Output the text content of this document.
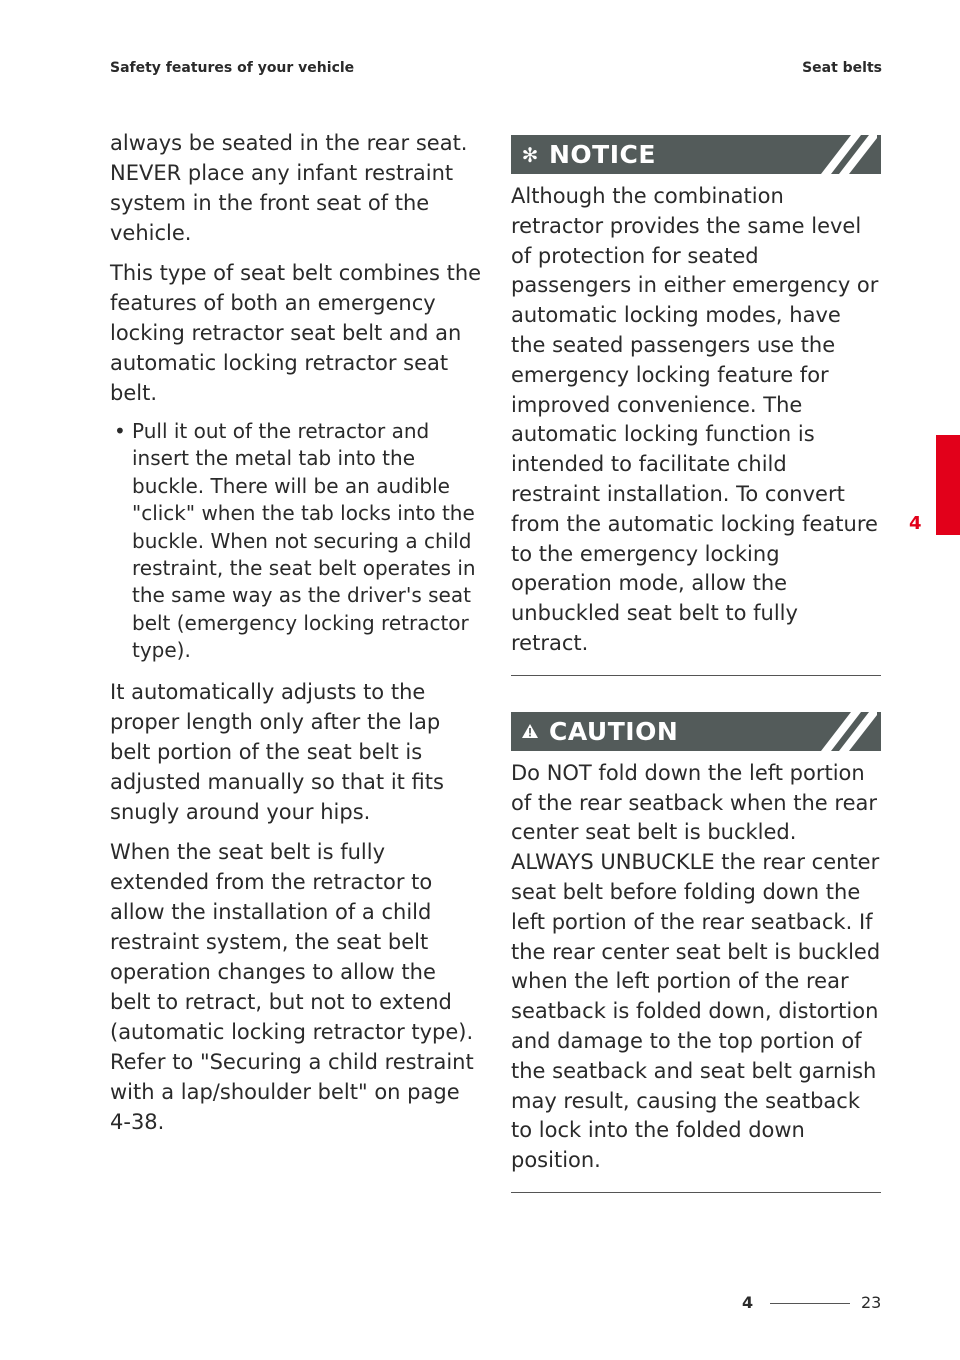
Safety features of your vehicle	Seat belts

always be seated in the rear seat. NEVER place any infant restraint system in the front seat of the vehicle.

This type of seat belt combines the features of both an emergency locking retractor seat belt and an automatic locking retractor seat belt.

• Pull it out of the retractor and insert the metal tab into the buckle. There will be an audible "click" when the tab locks into the buckle. When not securing a child restraint, the seat belt operates in the same way as the driver's seat belt (emergency locking retractor type).

It automatically adjusts to the proper length only after the lap belt portion of the seat belt is adjusted manually so that it fits snugly around your hips.

When the seat belt is fully extended from the retractor to allow the installation of a child restraint system, the seat belt operation changes to allow the belt to retract, but not to extend (automatic locking retractor type). Refer to "Securing a child restraint with a lap/shoulder belt" on page 4-38.

✻ NOTICE

Although the combination retractor provides the same level of protection for seated passengers in either emergency or automatic locking modes, have the seated passengers use the emergency locking feature for improved convenience. The automatic locking function is intended to facilitate child restraint installation. To convert from the automatic locking feature to the emergency locking operation mode, allow the unbuckled seat belt to fully retract.

CAUTION

Do NOT fold down the left portion of the rear seatback when the rear center seat belt is buckled. ALWAYS UNBUCKLE the rear center seat belt before folding down the left portion of the rear seatback. If the rear center seat belt is buckled when the left portion of the rear seatback is folded down, distortion and damage to the top portion of the seatback and seat belt garnish may result, causing the seatback to lock into the folded down position.

4
4	23
